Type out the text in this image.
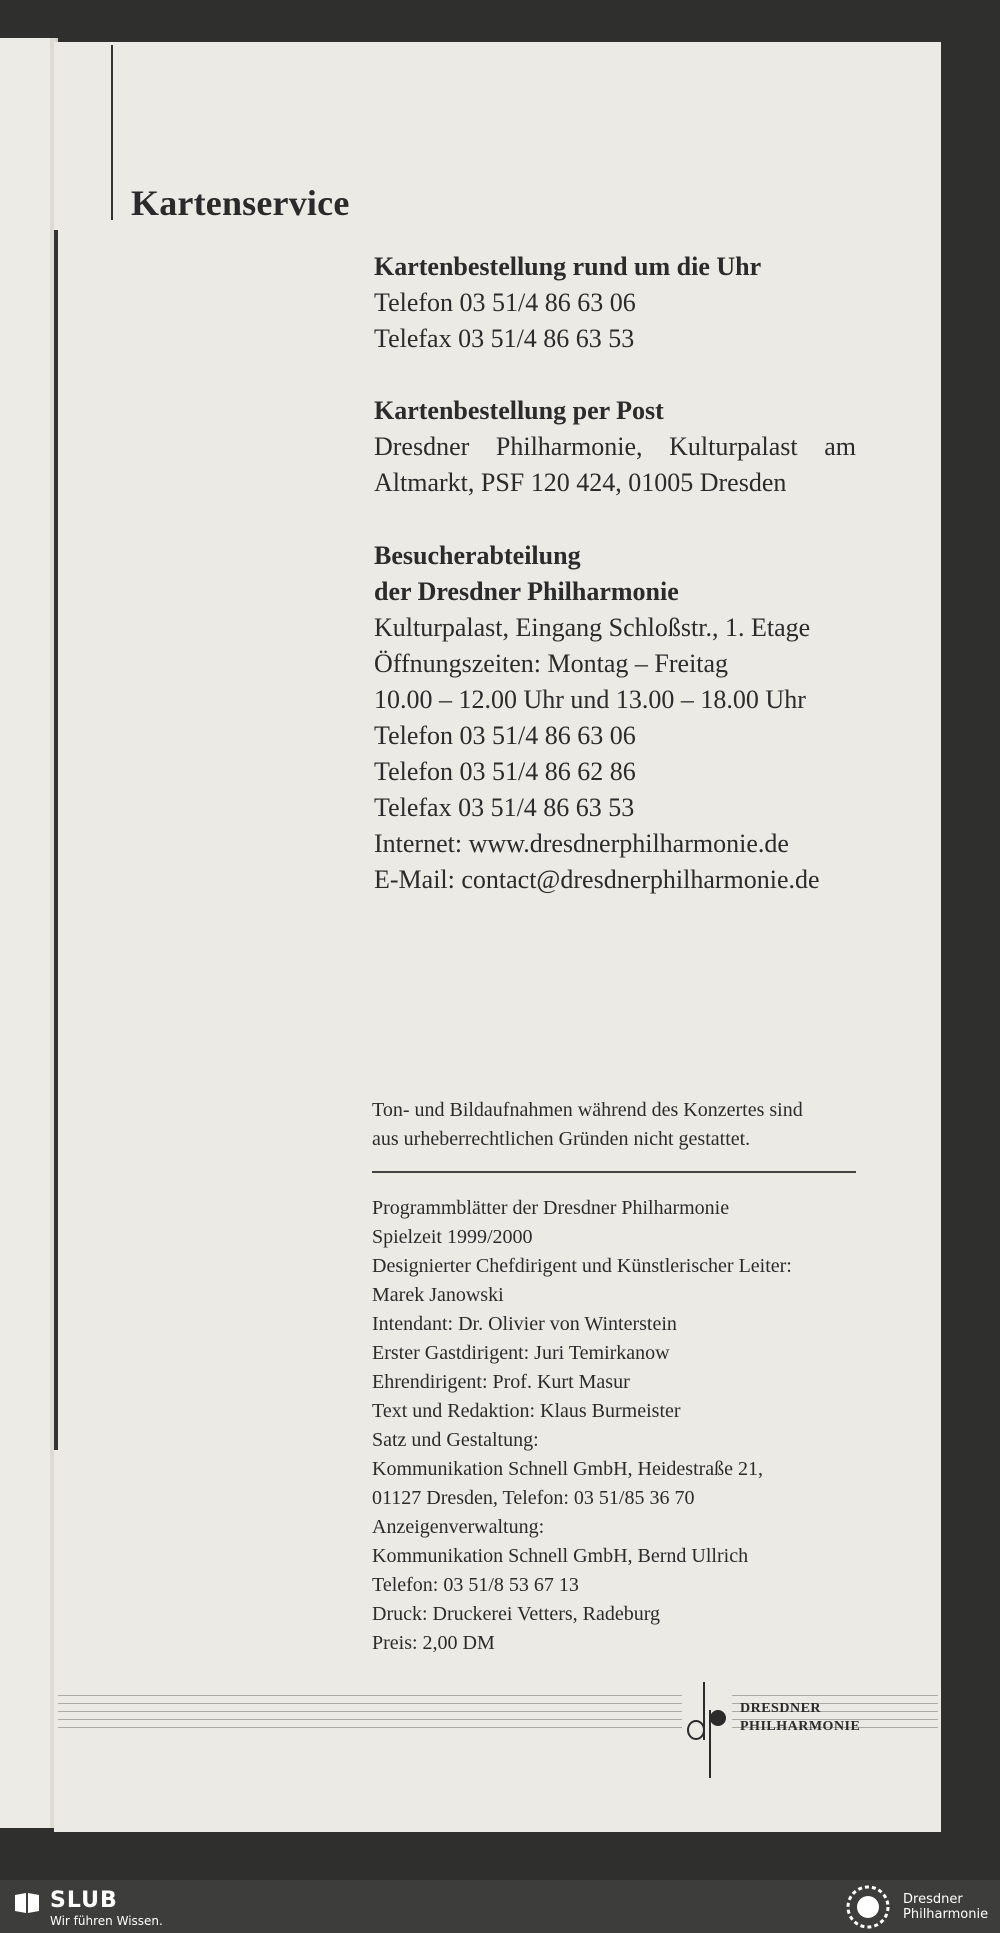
Kartenservice
Kartenbestellung rund um die Uhr
Telefon 03 51/4 86 63 06
Telefax 03 51/4 86 63 53
Kartenbestellung per Post
Dresdner Philharmonie, Kulturpalast am
Altmarkt, PSF 120 424, 01005 Dresden
Besucherabteilung
der Dresdner Philharmonie
Kulturpalast, Eingang Schloßstr., 1. Etage
Öffnungszeiten: Montag – Freitag
10.00 – 12.00 Uhr und 13.00 – 18.00 Uhr
Telefon 03 51/4 86 63 06
Telefon 03 51/4 86 62 86
Telefax 03 51/4 86 63 53
Internet: www.dresdnerphilharmonie.de
E-Mail: contact@dresdnerphilharmonie.de
Ton- und Bildaufnahmen während des Konzertes sind
aus urheberrechtlichen Gründen nicht gestattet.
Programmblätter der Dresdner Philharmonie
Spielzeit 1999/2000
Designierter Chefdirigent und Künstlerischer Leiter:
Marek Janowski
Intendant: Dr. Olivier von Winterstein
Erster Gastdirigent: Juri Temirkanow
Ehrendirigent: Prof. Kurt Masur
Text und Redaktion: Klaus Burmeister
Satz und Gestaltung:
Kommunikation Schnell GmbH, Heidestraße 21,
01127 Dresden, Telefon: 03 51/85 36 70
Anzeigenverwaltung:
Kommunikation Schnell GmbH, Bernd Ullrich
Telefon: 03 51/8 53 67 13
Druck: Druckerei Vetters, Radeburg
Preis: 2,00 DM
DRESDNER
PHILHARMONIE
SLUB
Wir führen Wissen.
Dresdner
Philharmonie
